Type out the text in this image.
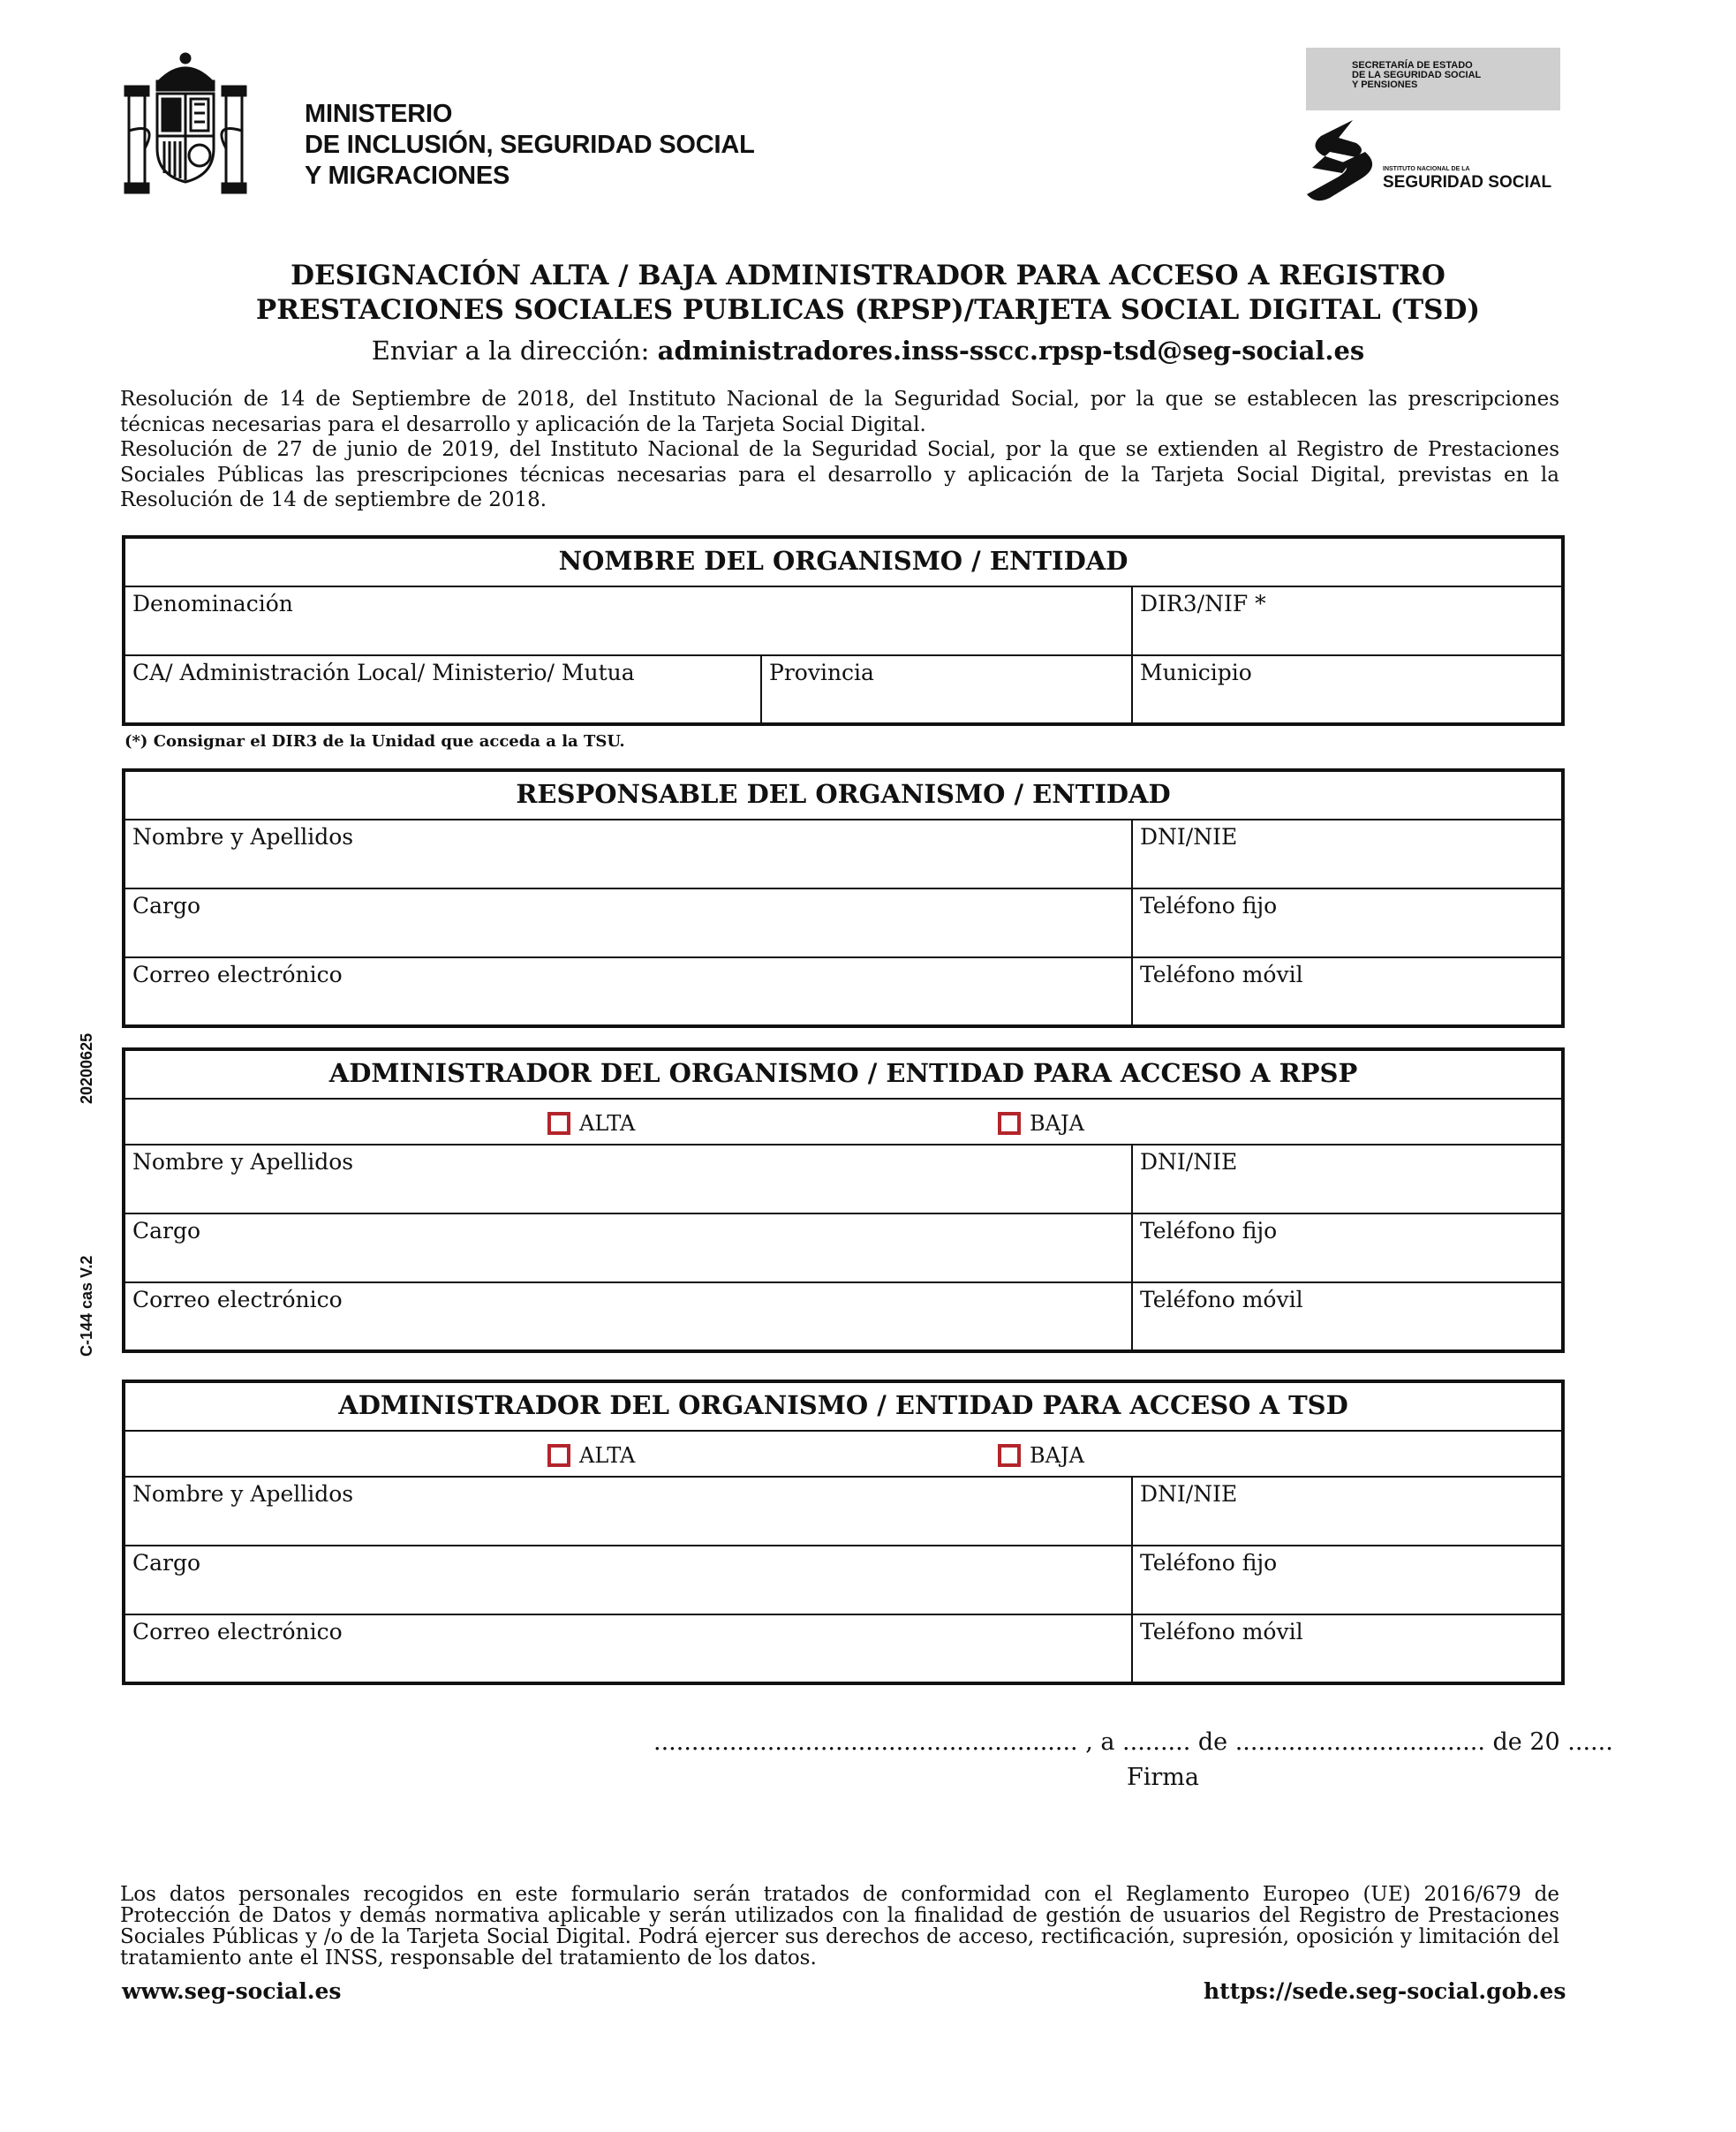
MINISTERIO
DE INCLUSIÓN, SEGURIDAD SOCIAL
Y MIGRACIONES
SECRETARÍA DE ESTADO
DE LA SEGURIDAD SOCIAL
Y PENSIONES
INSTITUTO NACIONAL DE LA
SEGURIDAD SOCIAL
DESIGNACIÓN ALTA / BAJA ADMINISTRADOR PARA ACCESO A REGISTRO
PRESTACIONES SOCIALES PUBLICAS (RPSP)/TARJETA SOCIAL DIGITAL (TSD)
Enviar a la dirección: administradores.inss-sscc.rpsp-tsd@seg-social.es

Resolución de 14 de Septiembre de 2018, del Instituto Nacional de la Seguridad Social, por la que se establecen las prescripciones técnicas necesarias para el desarrollo y aplicación de la Tarjeta Social Digital.

Resolución de 27 de junio de 2019, del Instituto Nacional de la Seguridad Social, por la que se extienden al Registro de Prestaciones Sociales Públicas las prescripciones técnicas necesarias para el desarrollo y aplicación de la Tarjeta Social Digital, previstas en la Resolución de 14 de septiembre de 2018.

NOMBRE DEL ORGANISMO / ENTIDAD		
Denominación		DIR3/NIF *
CA/ Administración Local/ Ministerio/ Mutua	Provincia	Municipio
(*) Consignar el DIR3 de la Unidad que acceda a la TSU.
RESPONSABLE DEL ORGANISMO / ENTIDAD	
Nombre y Apellidos	DNI/NIE
Cargo	Teléfono fijo
Correo electrónico	Teléfono móvil
ADMINISTRADOR DEL ORGANISMO / ENTIDAD PARA ACCESO A RPSP	

ALTA BAJA	

Nombre y Apellidos	DNI/NIE
Cargo	Teléfono fijo
Correo electrónico	Teléfono móvil
ADMINISTRADOR DEL ORGANISMO / ENTIDAD PARA ACCESO A TSD	

ALTA BAJA	

Nombre y Apellidos	DNI/NIE
Cargo	Teléfono fijo
Correo electrónico	Teléfono móvil
20200625
C-144 cas V.2
........................................................ , a ......... de ................................. de 20 ......
Firma
Los datos personales recogidos en este formulario serán tratados de conformidad con el Reglamento Europeo (UE) 2016/679 de Protección de Datos y demás normativa aplicable y serán utilizados con la finalidad de gestión de usuarios del Registro de Prestaciones Sociales Públicas y /o de la Tarjeta Social Digital. Podrá ejercer sus derechos de acceso, rectificación, supresión, oposición y limitación del tratamiento ante el INSS, responsable del tratamiento de los datos.
www.seg-social.es	https://sede.seg-social.gob.es
